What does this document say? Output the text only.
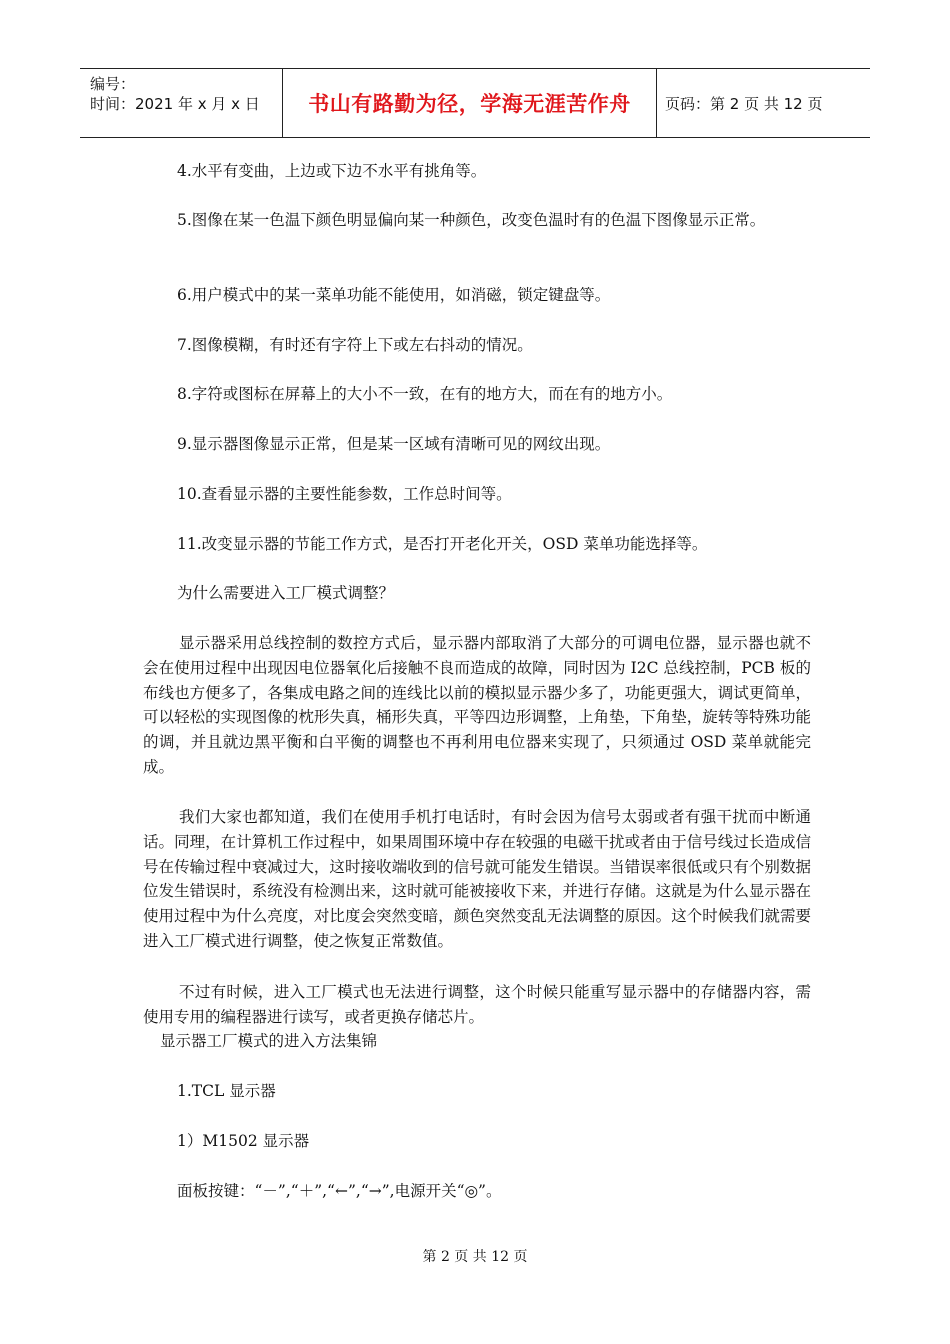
编号：
时间：2021 年 x 月 x 日 书山有路勤为径，学海无涯苦作舟 页码：第 2 页 共 12 页
4.水平有变曲，上边或下边不水平有挑角等。
5.图像在某一色温下颜色明显偏向某一种颜色，改变色温时有的色温下图像显示正常。
6.用户模式中的某一菜单功能不能使用，如消磁，锁定键盘等。
7.图像模糊，有时还有字符上下或左右抖动的情况。
8.字符或图标在屏幕上的大小不一致，在有的地方大，而在有的地方小。
9.显示器图像显示正常，但是某一区域有清晰可见的网纹出现。
10.查看显示器的主要性能参数，工作总时间等。
11.改变显示器的节能工作方式，是否打开老化开关，OSD 菜单功能选择等。
为什么需要进入工厂模式调整？
显示器采用总线控制的数控方式后，显示器内部取消了大部分的可调电位器，显示器也就不会在使用过程中出现因电位器氧化后接触不良而造成的故障，同时因为 I2C 总线控制，PCB 板的布线也方便多了，各集成电路之间的连线比以前的模拟显示器少多了，功能更强大，调试更简单，可以轻松的实现图像的枕形失真，桶形失真，平等四边形调整，上角垫，下角垫，旋转等特殊功能的调，并且就边黑平衡和白平衡的调整也不再利用电位器来实现了，只须通过 OSD 菜单就能完成。
我们大家也都知道，我们在使用手机打电话时，有时会因为信号太弱或者有强干扰而中断通话。同理，在计算机工作过程中，如果周围环境中存在较强的电磁干扰或者由于信号线过长造成信号在传输过程中衰减过大，这时接收端收到的信号就可能发生错误。当错误率很低或只有个别数据位发生错误时，系统没有检测出来，这时就可能被接收下来，并进行存储。这就是为什么显示器在使用过程中为什么亮度，对比度会突然变暗，颜色突然变乱无法调整的原因。这个时候我们就需要进入工厂模式进行调整，使之恢复正常数值。
不过有时候，进入工厂模式也无法进行调整，这个时候只能重写显示器中的存储器内容，需使用专用的编程器进行读写，或者更换存储芯片。
显示器工厂模式的进入方法集锦
1.TCL 显示器
1）M1502 显示器
面板按键：“－”,“＋”,“←”,“→”,电源开关“◎”。
第 2 页 共 12 页
